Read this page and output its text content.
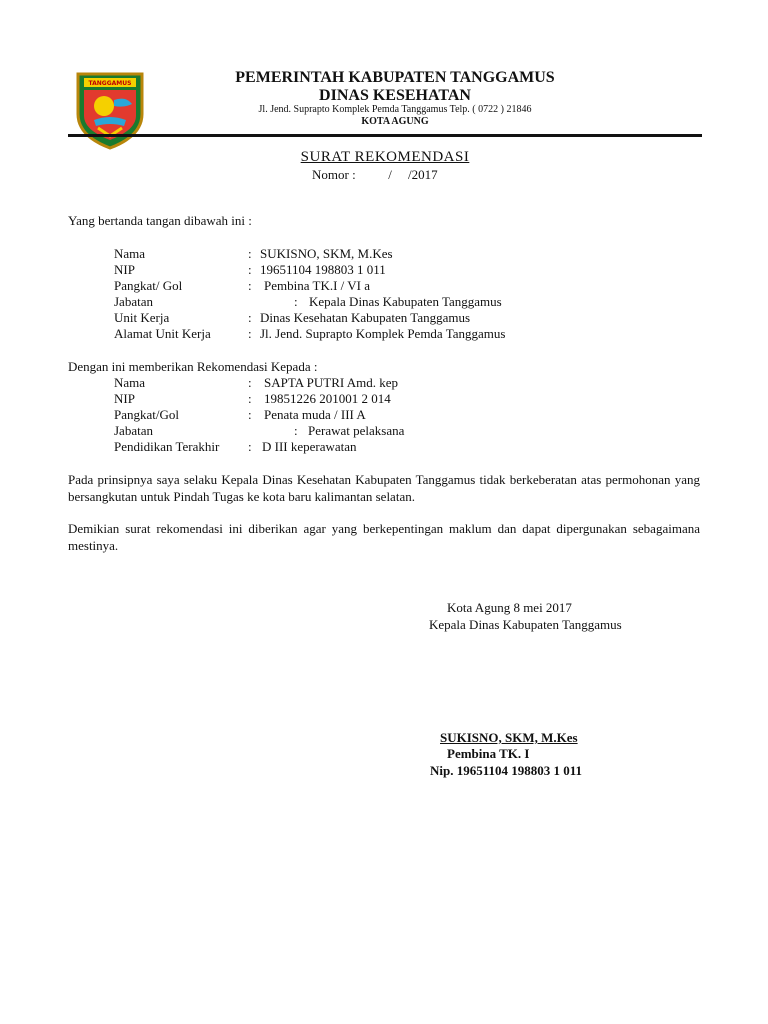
TANGGAMUS	PEMERINTAH KABUPATEN TANGGAMUS
DINAS KESEHATAN
Jl. Jend. Suprapto Komplek Pemda Tanggamus Telp. ( 0722 ) 21846
KOTA AGUNG
SURAT REKOMENDASI
Nomor :          /     /2017
Yang bertanda tangan dibawah ini :
Nama	: SUKISNO, SKM, M.Kes
NIP	: 19651104 198803 1 011
Pangkat/ Gol	: Pembina TK.I / VI a
Jabatan	: Kepala Dinas Kabupaten Tanggamus
Unit Kerja	: Dinas Kesehatan Kabupaten Tanggamus
Alamat Unit Kerja	: Jl. Jend. Suprapto Komplek Pemda Tanggamus
Dengan ini memberikan Rekomendasi Kepada :
Nama	: SAPTA PUTRI Amd. kep
NIP	: 19851226 201001 2 014
Pangkat/Gol	: Penata muda / III A
Jabatan	: Perawat pelaksana
Pendidikan Terakhir : D III keperawatan
Pada prinsipnya saya selaku Kepala Dinas Kesehatan Kabupaten Tanggamus tidak berkeberatan atas permohonan yang bersangkutan untuk Pindah Tugas ke kota baru kalimantan selatan.
Demikian surat rekomendasi ini diberikan agar yang berkepentingan maklum dan dapat dipergunakan sebagaimana mestinya.
Kota Agung 8 mei 2017
Kepala Dinas Kabupaten Tanggamus
SUKISNO, SKM, M.Kes
Pembina TK. I
Nip. 19651104 198803 1 011
